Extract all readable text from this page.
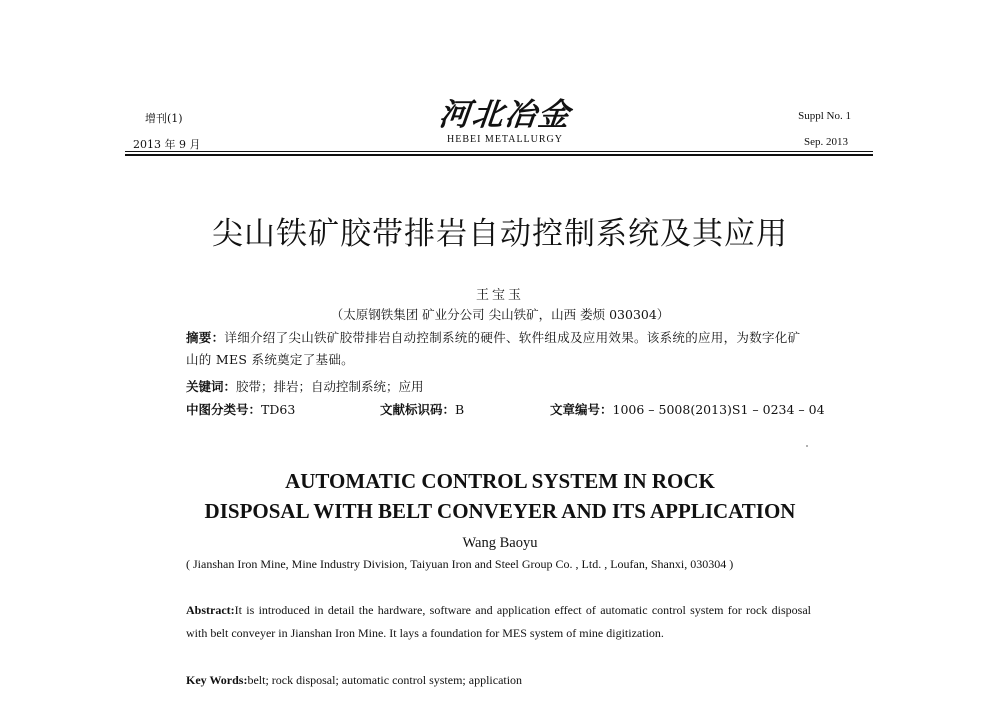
增刊(1)
2013 年 9 月
河北冶金
HEBEI METALLURGY
Suppl No. 1
Sep. 2013
尖山铁矿胶带排岩自动控制系统及其应用
王宝玉
（太原钢铁集团 矿业分公司 尖山铁矿，山西 娄烦 030304）
摘要：详细介绍了尖山铁矿胶带排岩自动控制系统的硬件、软件组成及应用效果。该系统的应用，为数字化矿山的 MES 系统奠定了基础。
关键词：胶带；排岩；自动控制系统；应用
中图分类号：TD63	文献标识码：B	文章编号：1006 – 5008(2013)S1 – 0234 – 04
AUTOMATIC CONTROL SYSTEM IN ROCK
DISPOSAL WITH BELT CONVEYER AND ITS APPLICATION
Wang Baoyu
( Jianshan Iron Mine, Mine Industry Division, Taiyuan Iron and Steel Group Co. , Ltd. , Loufan, Shanxi, 030304 )
Abstract:It is introduced in detail the hardware, software and application effect of automatic control system for rock disposal with belt conveyer in Jianshan Iron Mine. It lays a foundation for MES system of mine digitization.
Key Words:belt; rock disposal; automatic control system; application
